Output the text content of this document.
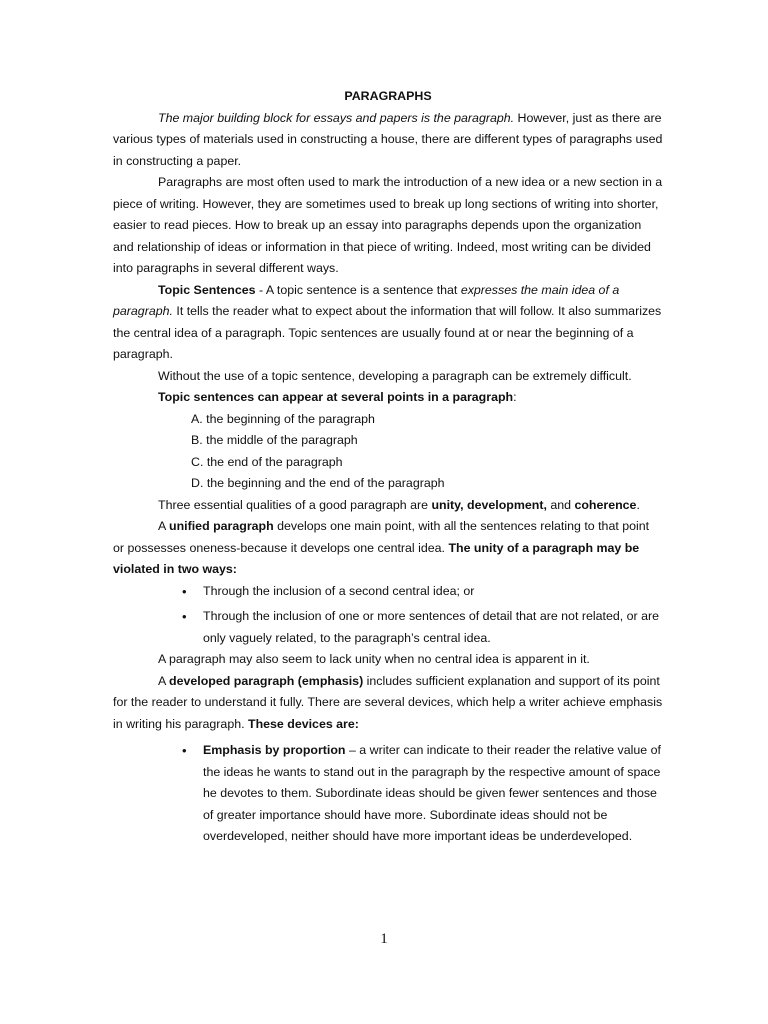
PARAGRAPHS

The major building block for essays and papers is the paragraph. However, just as there are various types of materials used in constructing a house, there are different types of paragraphs used in constructing a paper.

Paragraphs are most often used to mark the introduction of a new idea or a new section in a piece of writing. However, they are sometimes used to break up long sections of writing into shorter, easier to read pieces. How to break up an essay into paragraphs depends upon the organization and relationship of ideas or information in that piece of writing. Indeed, most writing can be divided into paragraphs in several different ways.

Topic Sentences - A topic sentence is a sentence that expresses the main idea of a paragraph. It tells the reader what to expect about the information that will follow. It also summarizes the central idea of a paragraph. Topic sentences are usually found at or near the beginning of a paragraph.

Without the use of a topic sentence, developing a paragraph can be extremely difficult.

Topic sentences can appear at several points in a paragraph:

A. the beginning of the paragraph
B. the middle of the paragraph
C. the end of the paragraph
D. the beginning and the end of the paragraph

Three essential qualities of a good paragraph are unity, development, and coherence.

A unified paragraph develops one main point, with all the sentences relating to that point or possesses oneness-because it develops one central idea. The unity of a paragraph may be violated in two ways:

• Through the inclusion of a second central idea; or
• Through the inclusion of one or more sentences of detail that are not related, or are only vaguely related, to the paragraph’s central idea.

A paragraph may also seem to lack unity when no central idea is apparent in it.

A developed paragraph (emphasis) includes sufficient explanation and support of its point for the reader to understand it fully. There are several devices, which help a writer achieve emphasis in writing his paragraph. These devices are:

• Emphasis by proportion – a writer can indicate to their reader the relative value of the ideas he wants to stand out in the paragraph by the respective amount of space he devotes to them. Subordinate ideas should be given fewer sentences and those of greater importance should have more. Subordinate ideas should not be overdeveloped, neither should have more important ideas be underdeveloped.
1
